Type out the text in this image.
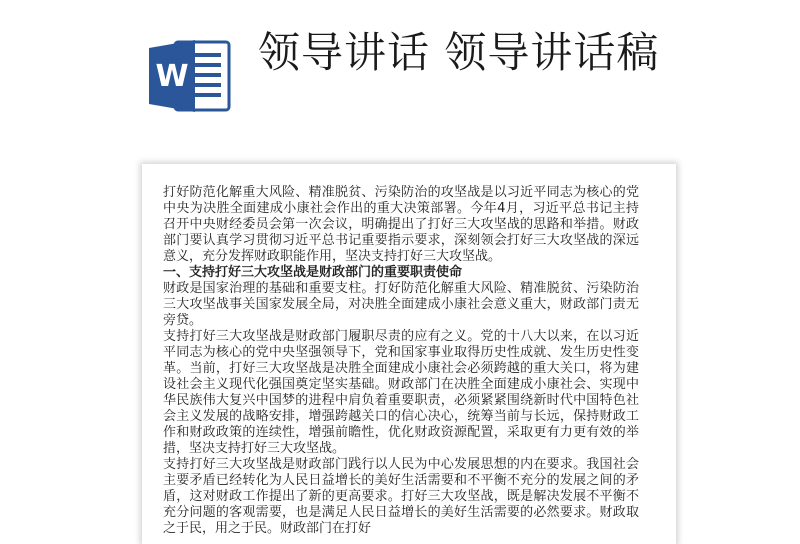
W 领导讲话 领导讲话稿

打好防范化解重大风险、精准脱贫、污染防治的攻坚战是以习近平同志为核心的党中央为决胜全面建成小康社会作出的重大决策部署。今年4月，习近平总书记主持召开中央财经委员会第一次会议，明确提出了打好三大攻坚战的思路和举措。财政部门要认真学习贯彻习近平总书记重要指示要求，深刻领会打好三大攻坚战的深远意义，充分发挥财政职能作用，坚决支持打好三大攻坚战。

一、支持打好三大攻坚战是财政部门的重要职责使命

财政是国家治理的基础和重要支柱。打好防范化解重大风险、精准脱贫、污染防治三大攻坚战事关国家发展全局，对决胜全面建成小康社会意义重大，财政部门责无旁贷。

支持打好三大攻坚战是财政部门履职尽责的应有之义。党的十八大以来，在以习近平同志为核心的党中央坚强领导下，党和国家事业取得历史性成就、发生历史性变革。当前，打好三大攻坚战是决胜全面建成小康社会必须跨越的重大关口，将为建设社会主义现代化强国奠定坚实基础。财政部门在决胜全面建成小康社会、实现中华民族伟大复兴中国梦的进程中肩负着重要职责，必须紧紧围绕新时代中国特色社会主义发展的战略安排，增强跨越关口的信心决心，统筹当前与长远，保持财政工作和财政政策的连续性，增强前瞻性，优化财政资源配置，采取更有力更有效的举措，坚决支持打好三大攻坚战。

支持打好三大攻坚战是财政部门践行以人民为中心发展思想的内在要求。我国社会主要矛盾已经转化为人民日益增长的美好生活需要和不平衡不充分的发展之间的矛盾，这对财政工作提出了新的更高要求。打好三大攻坚战，既是解决发展不平衡不充分问题的客观需要，也是满足人民日益增长的美好生活需要的必然要求。财政取之于民，用之于民。财政部门在打好
